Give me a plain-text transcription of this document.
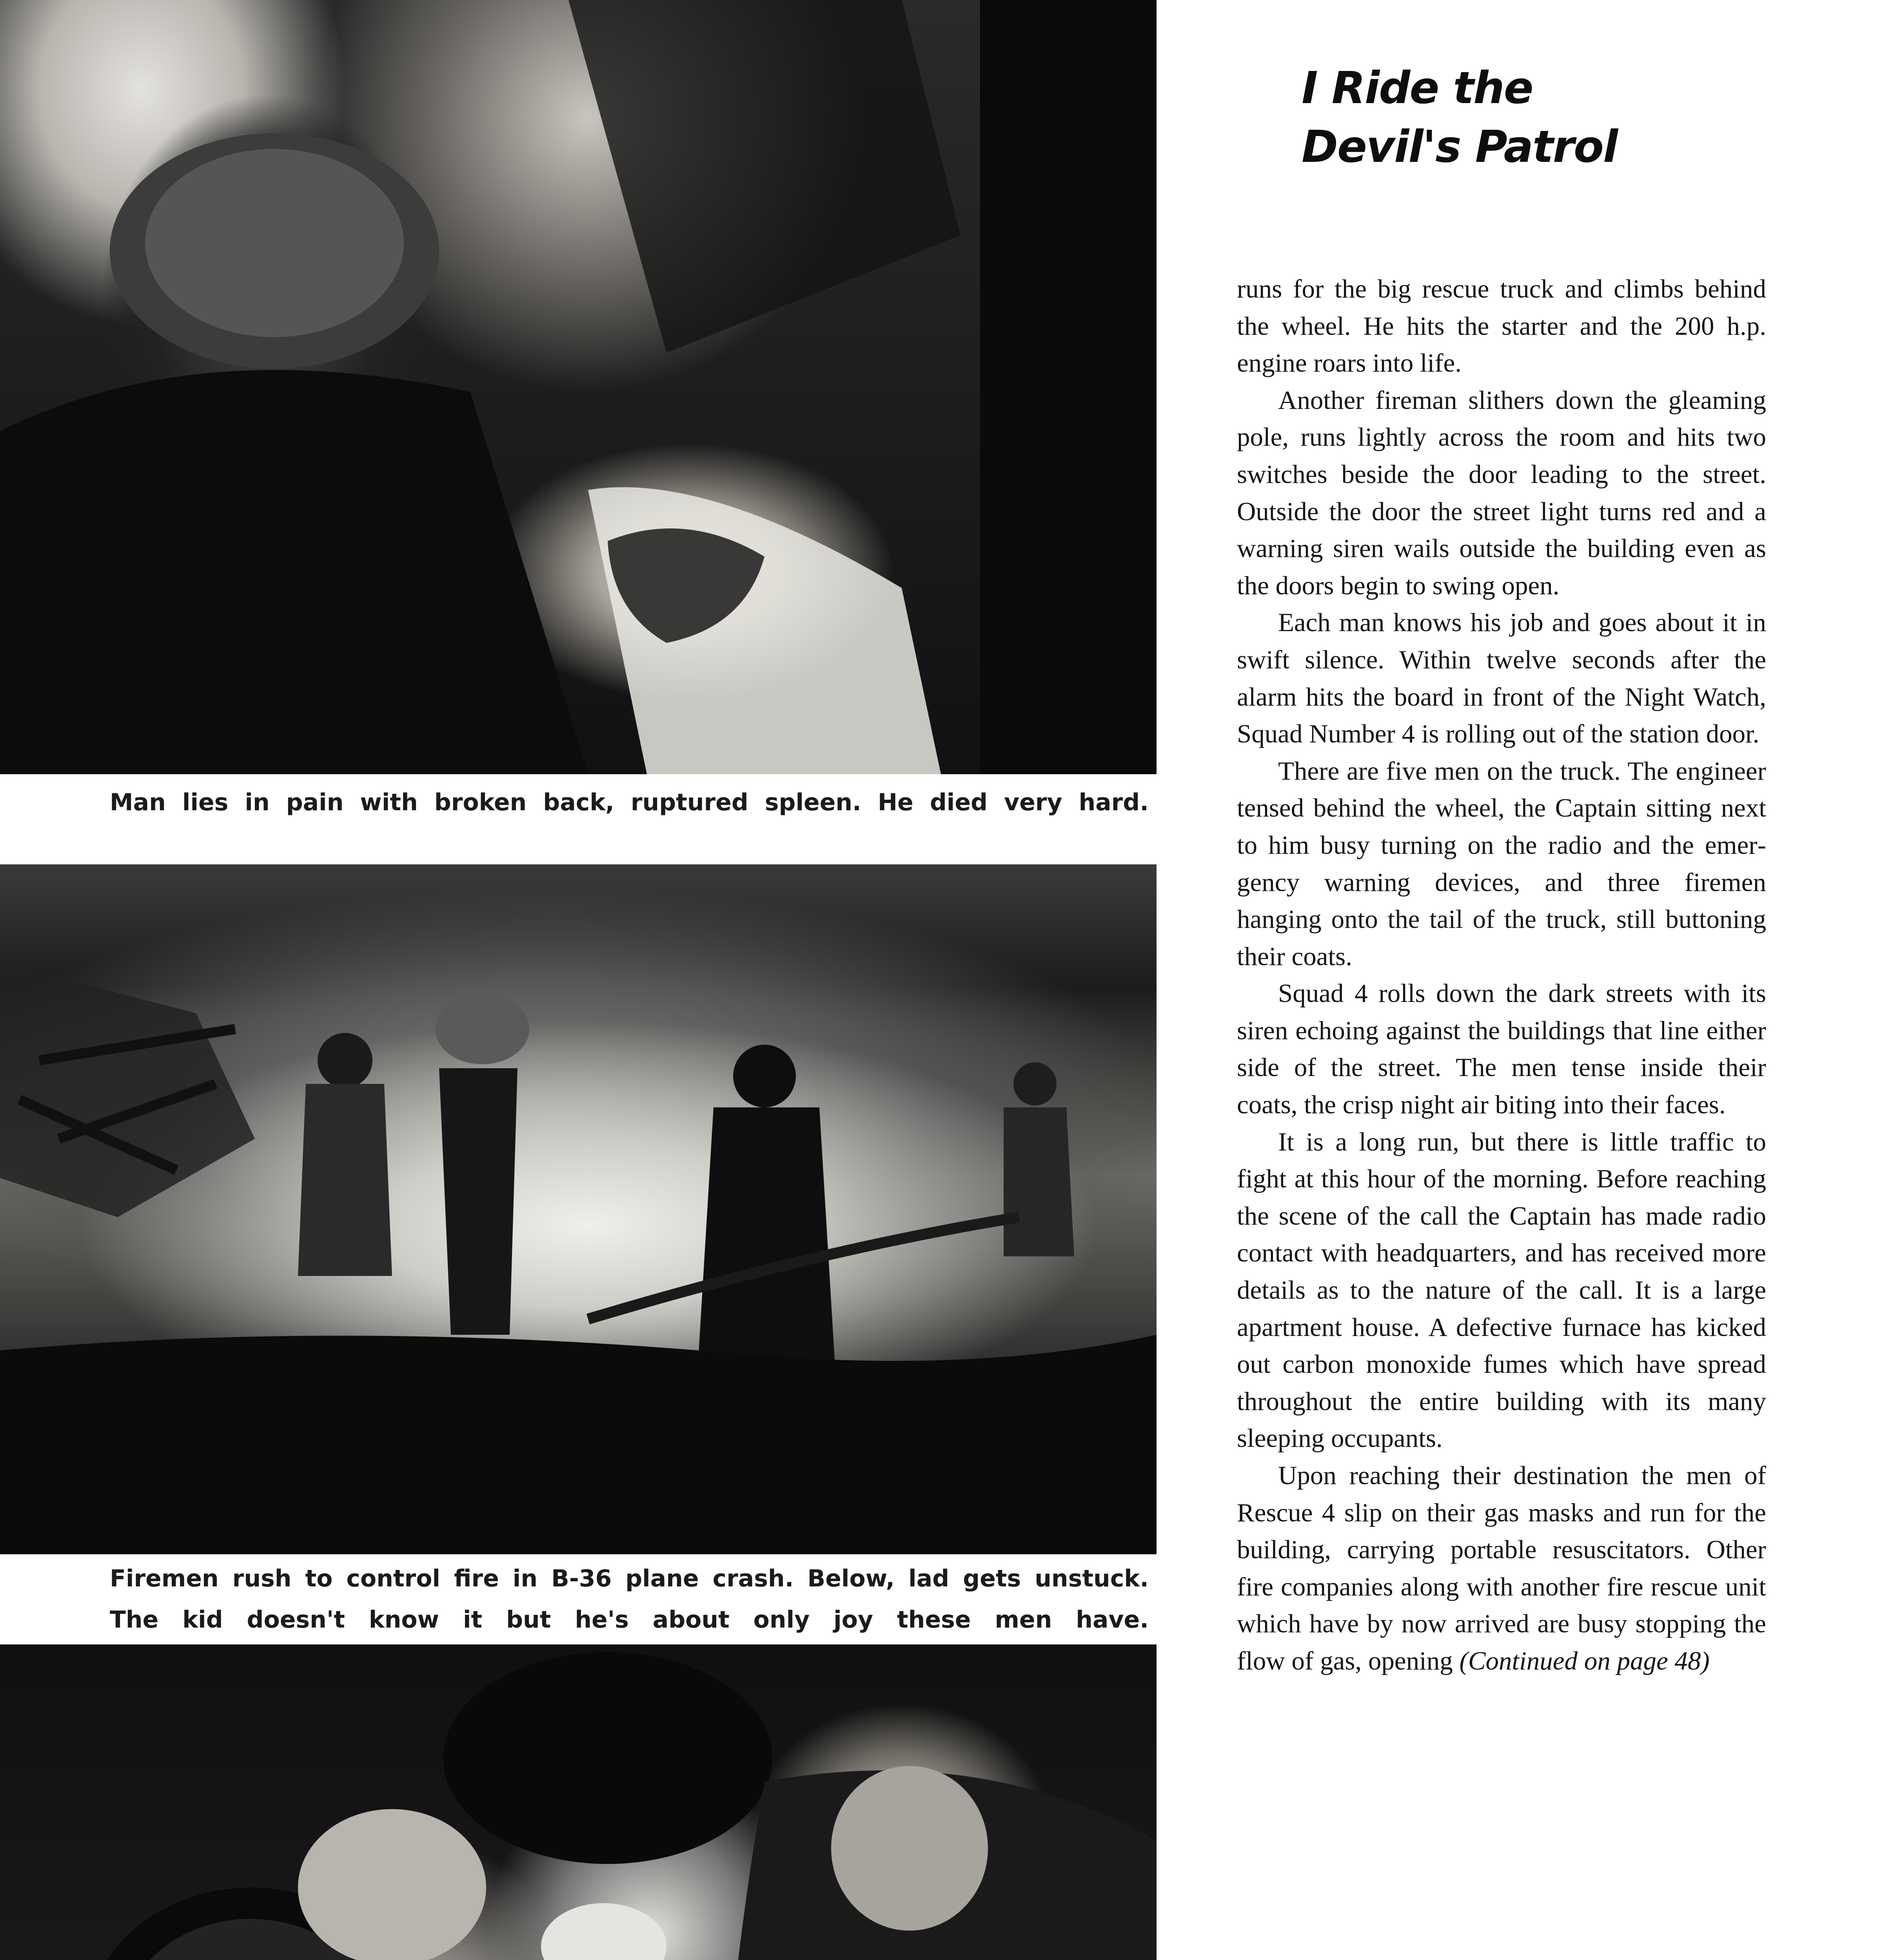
Man lies in pain with broken back, ruptured spleen. He died very hard.
Firemen rush to control fire in B-36 plane crash. Below, lad gets unstuck.
The kid doesn't know it but he's about only joy these men have.
I Ride the
Devil's Patrol

runs for the big rescue truck and climbs behind the wheel. He hits the starter and the 200 h.p. engine roars into life.

Another fireman slithers down the gleaming pole, runs lightly across the room and hits two switches beside the door leading to the street. Outside the door the street light turns red and a warning siren wails outside the building even as the doors begin to swing open.

Each man knows his job and goes about it in swift silence. Within twelve seconds after the alarm hits the board in front of the Night Watch, Squad Number 4 is rolling out of the station door.

There are five men on the truck. The engineer tensed behind the wheel, the Captain sitting next to him busy turning on the radio and the emergency warning devices, and three firemen hanging onto the tail of the truck, still buttoning their coats.

Squad 4 rolls down the dark streets with its siren echoing against the buildings that line either side of the street. The men tense inside their coats, the crisp night air biting into their faces.

It is a long run, but there is little traffic to fight at this hour of the morning. Before reaching the scene of the call the Captain has made radio contact with headquarters, and has received more details as to the nature of the call. It is a large apartment house. A defective furnace has kicked out carbon monoxide fumes which have spread throughout the entire building with its many sleeping occupants.

Upon reaching their destination the men of Rescue 4 slip on their gas masks and run for the building, carrying portable resuscitators. Other fire companies along with another fire rescue unit which have by now arrived are busy stopping the flow of gas, opening (Continued on page 48)
